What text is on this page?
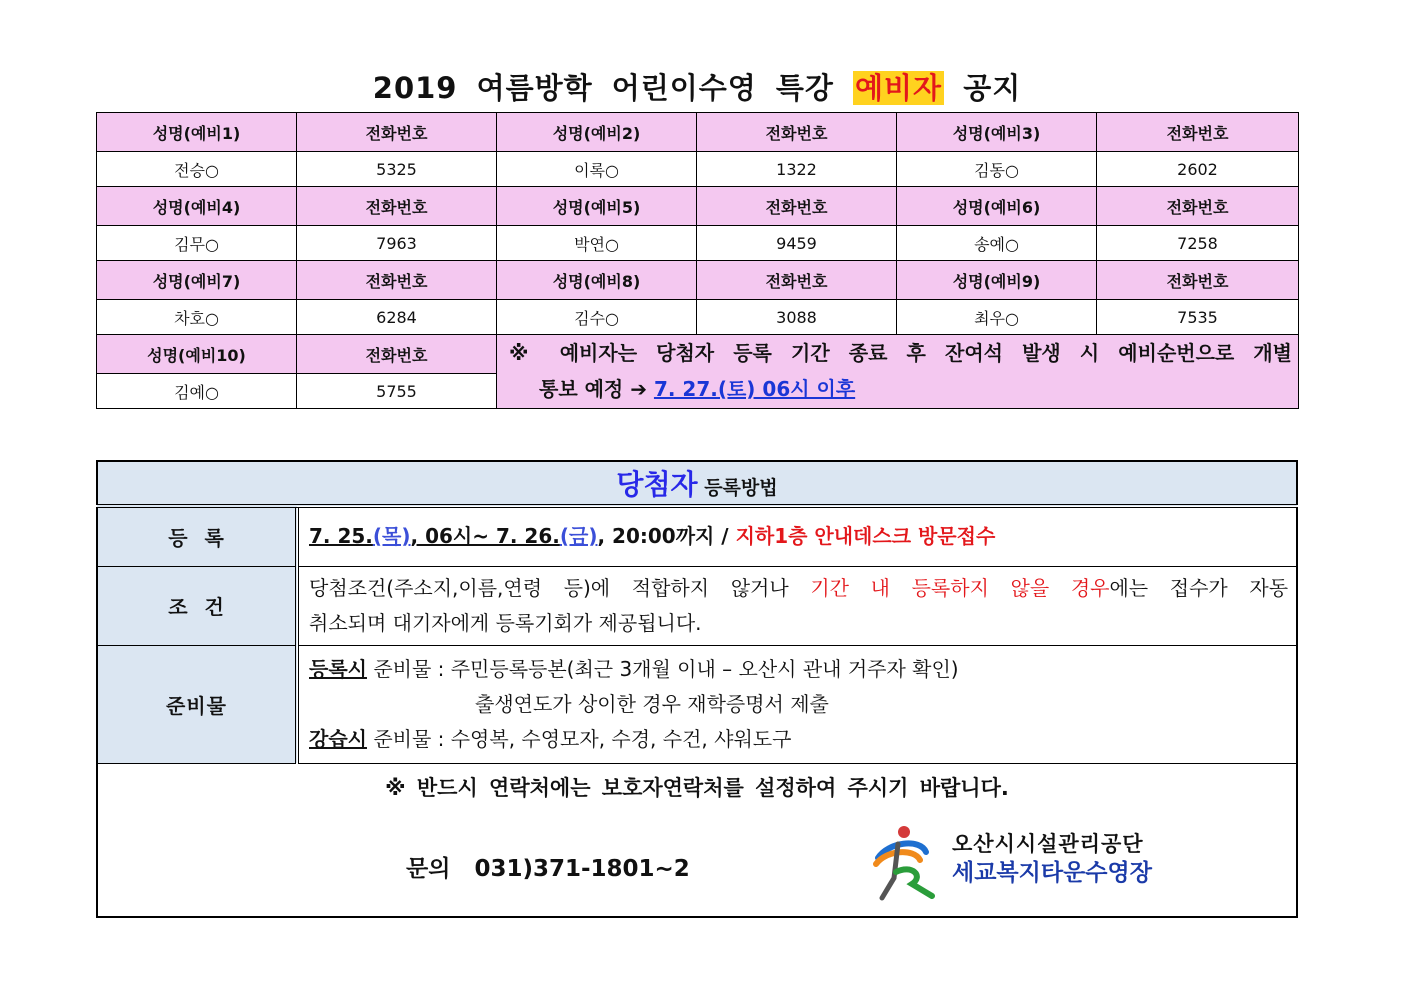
2019 여름방학 어린이수영 특강 예비자 공지
성명(예비1)	전화번호	성명(예비2)	전화번호	성명(예비3)	전화번호
전승○	5325	이록○	1322	김동○	2602
성명(예비4)	전화번호	성명(예비5)	전화번호	성명(예비6)	전화번호
김무○	7963	박연○	9459	송예○	7258
성명(예비7)	전화번호	성명(예비8)	전화번호	성명(예비9)	전화번호
차호○	6284	김수○	3088	최우○	7535
성명(예비10)	전화번호	※ 예비자는 당첨자 등록 기간 종료 후 잔여석 발생 시 예비순번으로 개별
통보 예정 ➔ 7. 27.(토) 06시 이후			
김예○	5755				
당첨자 등록방법	
등  록	7. 25.(목), 06시~ 7. 26.(금), 20:00까지 / 지하1층 안내데스크 방문접수
조  건	당첨조건(주소지,이름,연령 등)에 적합하지 않거나 기간 내 등록하지 않을 경우에는 접수가 자동
취소되며 대기자에게 등록기회가 제공됩니다.
준비물	등록시 준비물 : 주민등록등본(최근 3개월 이내 – 오산시 관내 거주자 확인)
출생연도가 상이한 경우 재학증명서 제출
강습시 준비물 : 수영복, 수영모자, 수경, 수건, 샤워도구

※ 반드시 연락처에는 보호자연락처를 설정하여 주시기 바랍니다.
문의 031)371-1801~2
오산시시설관리공단
세교복지타운수영장	
